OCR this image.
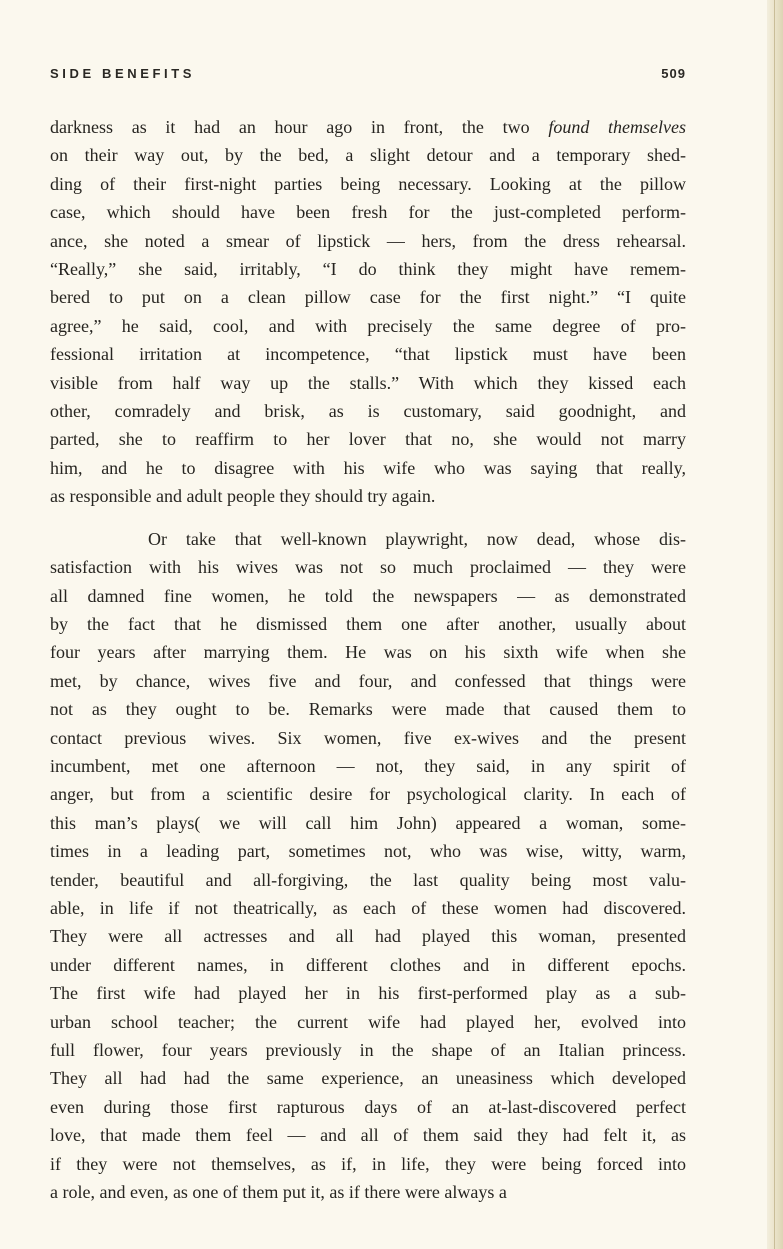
SIDE BENEFITS	509

darkness as it had an hour ago in front, the two found themselves
on their way out, by the bed, a slight detour and a temporary shed-
ding of their first-night parties being necessary. Looking at the pillow
case, which should have been fresh for the just-completed perform-
ance, she noted a smear of lipstick — hers, from the dress rehearsal.
“Really,” she said, irritably, “I do think they might have remem-
bered to put on a clean pillow case for the first night.” “I quite
agree,” he said, cool, and with precisely the same degree of pro-
fessional irritation at incompetence, “that lipstick must have been
visible from half way up the stalls.” With which they kissed each
other, comradely and brisk, as is customary, said goodnight, and
parted, she to reaffirm to her lover that no, she would not marry
him, and he to disagree with his wife who was saying that really,
as responsible and adult people they should try again.

Or take that well-known playwright, now dead, whose dis-
satisfaction with his wives was not so much proclaimed — they were
all damned fine women, he told the newspapers — as demonstrated
by the fact that he dismissed them one after another, usually about
four years after marrying them. He was on his sixth wife when she
met, by chance, wives five and four, and confessed that things were
not as they ought to be. Remarks were made that caused them to
contact previous wives. Six women, five ex-wives and the present
incumbent, met one afternoon — not, they said, in any spirit of
anger, but from a scientific desire for psychological clarity. In each of
this man’s plays( we will call him John) appeared a woman, some-
times in a leading part, sometimes not, who was wise, witty, warm,
tender, beautiful and all-forgiving, the last quality being most valu-
able, in life if not theatrically, as each of these women had discovered.
They were all actresses and all had played this woman, presented
under different names, in different clothes and in different epochs.
The first wife had played her in his first-performed play as a sub-
urban school teacher; the current wife had played her, evolved into
full flower, four years previously in the shape of an Italian princess.
They all had had the same experience, an uneasiness which developed
even during those first rapturous days of an at-last-discovered perfect
love, that made them feel — and all of them said they had felt it, as
if they were not themselves, as if, in life, they were being forced into
a role, and even, as one of them put it, as if there were always a
